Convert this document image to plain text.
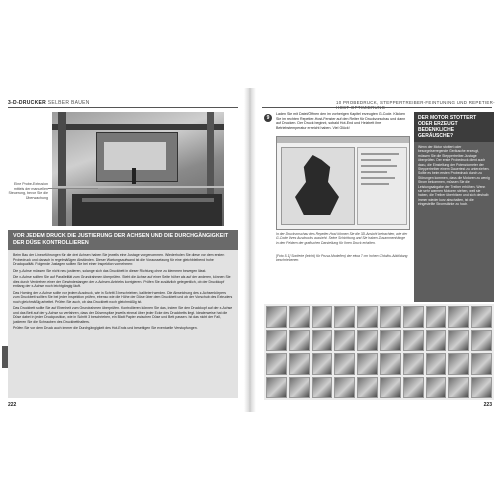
3-D-DRUCKER SELBER BAUEN
Eine Probe-Extrusion mittels der manuellen Steuerung, bevor Sie die Überwachung
VOR JEDEM DRUCK DIE JUSTIERUNG DER ACHSEN UND DIE DURCHGÄNGIGKEIT DER DÜSE KONTROLLIEREN

Beim Bau der Linearführungen für die drei Achsen haben Sie jeweils eine Justage vorgenommen. Wiederholen Sie diese vor dem ersten Probedruck und danach in regelmäßigen Abständen. Dieser Wartungsaufwand ist die Voraussetzung für eine gleichbleibend hohe Druckqualität. Folgende Justagen sollten Sie bei einer Inspektion vornehmen:

Die y-Achse müssen Sie nicht neu justieren, solange sich das Druckbett in dieser Richtung ohne zu klemmen bewegen lässt.

Die x-Achse sollten Sie auf Parallelität zum Grundrahmen überprüfen. Steht die Achse auf einer Seite höher als auf der anderen, können Sie dies durch Verdrehen einer der Gewindestangen der z-Achsen-Antriebs korrigieren. Prüfen Sie zusätzlich gelegentlich, ob der Druckkopf entlang der x-Achse noch leichtgängig läuft.

Das Homing der z-Achse sollte vor jedem Ausdruck, wie in Schritt 3 beschrieben, kalibriert werden. Die Abweichung des z-Achsenkörpers zum Druckbett sollten Sie bei jeder Inspektion prüfen, ebenso wie die Höhe der Düse über dem Druckbett und ob der Vorschub des Extruders noch gleichmäßig arbeitet. Prüfen Sie auch, ob das Druckbett noch gleichmäßig ist.

Das Druckbett sollte Sie auf Ebenheit zum Grundrahmen überprüfen. Kontrollieren können Sie das, indem Sie den Druckkopf auf der x-Achse und das Bett auf der y-Achse so verfahren, dass der Düsenspitze jeweils einmal über jeder Ecke des Druckbetts liegt. Idealerweise hat die Düse dabei in jeder Druckposition, wie in Schritt 3 beschrieben, ein Blatt Papier zwischen Düse und Bett passen. Ist das nicht der Fall, justieren Sie die Schrauben des Druckbetthalters.

Prüfen Sie vor dem Druck auch immer die Durchgängigkeit des Hot-Ends und beseitigen Sie eventuelle Verstopfungen.

222
10 PROBEDRUCK, STEPPERTREIBER-FEINTUNING UND REPETIER-HOST-OPTIMIERUNG
9
Laden Sie mit Datei/Öffnen den im vorherigen Kapitel erzeugten G-Code. Klicken Sie im rechten Repetier-Host-Fenster auf den Reiter für Druckvorschau und dann auf Drucken. Der Druck beginnt, sobald Hot-End und Heizbett ihre Betriebstemperatur erreicht haben. Viel Glück!
In der Druckvorschau des Repetier-Host können Sie die 3D-Ansicht betrachten, wie der G-Code Ihres Ausdrucks aussieht. Seine Schichtung und Sie haben Zusammenhänge in den Feldern der grafischen Darstellung für Ihren Druck erhalten.
[Foto 5.1] Sortierte (leicht) für Prusa-Modellen) der etwa 7 cm hohen Chtulhu-Abbildung beschriebenen.
DER MOTOR STOTTERT ODER ERZEUGT BEDENKLICHE GERÄUSCHE?
Wenn der Motor stottert oder besorgniserregende Geräusche erzeugt, müssen Sie die Steppertreiber-Justage überprüfen. Der erste Probedruck dient auch dazu, die Einstellung der Potenziometer der Steppertreiber einem Dauertest zu unterziehen. Sollte es beim ersten Probedruck durch zu Störungen kommen, dass die Motoren zu wenig Strom bekommen, müssen Sie die Leistungsabgabe der Treiber erhöhen. Wenn sie sehr warmen Motoren stehen, weil sie haben, die Treiber überhitzen und sich deshalb immer wieder kurz abschalten, ist die eingestellte Stromstärke zu hoch.
223
